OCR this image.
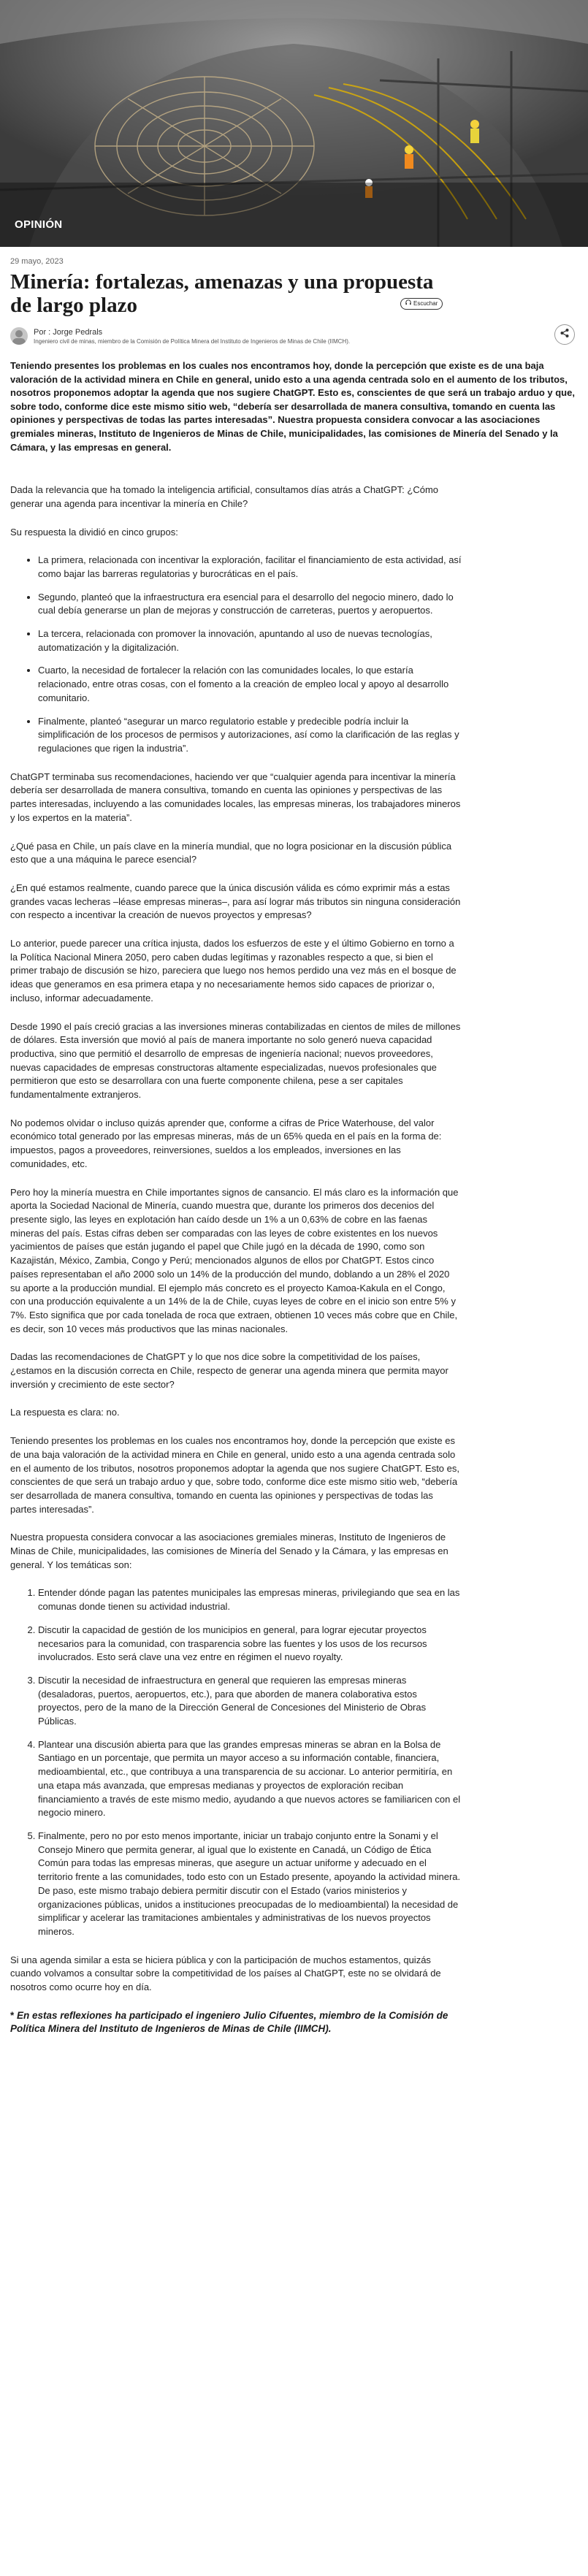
OPINIÓN
29 mayo, 2023
Minería: fortalezas, amenazas y una propuesta de largo plazo	Escuchar
Por : Jorge Pedrals
Ingeniero civil de minas, miembro de la Comisión de Política Minera del Instituto de Ingenieros de Minas de Chile (IIMCH).
Teniendo presentes los problemas en los cuales nos encontramos hoy, donde la percepción que existe es de una baja valoración de la actividad minera en Chile en general, unido esto a una agenda centrada solo en el aumento de los tributos, nosotros proponemos adoptar la agenda que nos sugiere ChatGPT. Esto es, conscientes de que será un trabajo arduo y que, sobre todo, conforme dice este mismo sitio web, “debería ser desarrollada de manera consultiva, tomando en cuenta las opiniones y perspectivas de todas las partes interesadas”. Nuestra propuesta considera convocar a las asociaciones gremiales mineras, Instituto de Ingenieros de Minas de Chile, municipalidades, las comisiones de Minería del Senado y la Cámara, y las empresas en general.

Dada la relevancia que ha tomado la inteligencia artificial, consultamos días atrás a ChatGPT: ¿Cómo generar una agenda para incentivar la minería en Chile?

Su respuesta la dividió en cinco grupos:

• La primera, relacionada con incentivar la exploración, facilitar el financiamiento de esta actividad, así como bajar las barreras regulatorias y burocráticas en el país.
• Segundo, planteó que la infraestructura era esencial para el desarrollo del negocio minero, dado lo cual debía generarse un plan de mejoras y construcción de carreteras, puertos y aeropuertos.
• La tercera, relacionada con promover la innovación, apuntando al uso de nuevas tecnologías, automatización y la digitalización.
• Cuarto, la necesidad de fortalecer la relación con las comunidades locales, lo que estaría relacionado, entre otras cosas, con el fomento a la creación de empleo local y apoyo al desarrollo comunitario.
• Finalmente, planteó “asegurar un marco regulatorio estable y predecible podría incluir la simplificación de los procesos de permisos y autorizaciones, así como la clarificación de las reglas y regulaciones que rigen la industria”.

ChatGPT terminaba sus recomendaciones, haciendo ver que “cualquier agenda para incentivar la minería debería ser desarrollada de manera consultiva, tomando en cuenta las opiniones y perspectivas de las partes interesadas, incluyendo a las comunidades locales, las empresas mineras, los trabajadores mineros y los expertos en la materia”.

¿Qué pasa en Chile, un país clave en la minería mundial, que no logra posicionar en la discusión pública esto que a una máquina le parece esencial?

¿En qué estamos realmente, cuando parece que la única discusión válida es cómo exprimir más a estas grandes vacas lecheras –léase empresas mineras–, para así lograr más tributos sin ninguna consideración con respecto a incentivar la creación de nuevos proyectos y empresas?

Lo anterior, puede parecer una crítica injusta, dados los esfuerzos de este y el último Gobierno en torno a la Política Nacional Minera 2050, pero caben dudas legítimas y razonables respecto a que, si bien el primer trabajo de discusión se hizo, pareciera que luego nos hemos perdido una vez más en el bosque de ideas que generamos en esa primera etapa y no necesariamente hemos sido capaces de priorizar o, incluso, informar adecuadamente.

Desde 1990 el país creció gracias a las inversiones mineras contabilizadas en cientos de miles de millones de dólares. Esta inversión que movió al país de manera importante no solo generó nueva capacidad productiva, sino que permitió el desarrollo de empresas de ingeniería nacional; nuevos proveedores, nuevas capacidades de empresas constructoras altamente especializadas, nuevos profesionales que permitieron que esto se desarrollara con una fuerte componente chilena, pese a ser capitales fundamentalmente extranjeros.

No podemos olvidar o incluso quizás aprender que, conforme a cifras de Price Waterhouse, del valor económico total generado por las empresas mineras, más de un 65% queda en el país en la forma de: impuestos, pagos a proveedores, reinversiones, sueldos a los empleados, inversiones en las comunidades, etc.

Pero hoy la minería muestra en Chile importantes signos de cansancio. El más claro es la información que aporta la Sociedad Nacional de Minería, cuando muestra que, durante los primeros dos decenios del presente siglo, las leyes en explotación han caído desde un 1% a un 0,63% de cobre en las faenas mineras del país. Estas cifras deben ser comparadas con las leyes de cobre existentes en los nuevos yacimientos de países que están jugando el papel que Chile jugó en la década de 1990, como son Kazajistán, México, Zambia, Congo y Perú; mencionados algunos de ellos por ChatGPT. Estos cinco países representaban el año 2000 solo un 14% de la producción del mundo, doblando a un 28% el 2020 su aporte a la producción mundial. El ejemplo más concreto es el proyecto Kamoa-Kakula en el Congo, con una producción equivalente a un 14% de la de Chile, cuyas leyes de cobre en el inicio son entre 5% y 7%. Esto significa que por cada tonelada de roca que extraen, obtienen 10 veces más cobre que en Chile, es decir, son 10 veces más productivos que las minas nacionales.

Dadas las recomendaciones de ChatGPT y lo que nos dice sobre la competitividad de los países, ¿estamos en la discusión correcta en Chile, respecto de generar una agenda minera que permita mayor inversión y crecimiento de este sector?

La respuesta es clara: no.

Teniendo presentes los problemas en los cuales nos encontramos hoy, donde la percepción que existe es de una baja valoración de la actividad minera en Chile en general, unido esto a una agenda centrada solo en el aumento de los tributos, nosotros proponemos adoptar la agenda que nos sugiere ChatGPT. Esto es, conscientes de que será un trabajo arduo y que, sobre todo, conforme dice este mismo sitio web, “debería ser desarrollada de manera consultiva, tomando en cuenta las opiniones y perspectivas de todas las partes interesadas”.

Nuestra propuesta considera convocar a las asociaciones gremiales mineras, Instituto de Ingenieros de Minas de Chile, municipalidades, las comisiones de Minería del Senado y la Cámara, y las empresas en general. Y los temáticas son:

1. Entender dónde pagan las patentes municipales las empresas mineras, privilegiando que sea en las comunas donde tienen su actividad industrial.
2. Discutir la capacidad de gestión de los municipios en general, para lograr ejecutar proyectos necesarios para la comunidad, con trasparencia sobre las fuentes y los usos de los recursos involucrados. Esto será clave una vez entre en régimen el nuevo royalty.
3. Discutir la necesidad de infraestructura en general que requieren las empresas mineras (desaladoras, puertos, aeropuertos, etc.), para que aborden de manera colaborativa estos proyectos, pero de la mano de la Dirección General de Concesiones del Ministerio de Obras Públicas.
4. Plantear una discusión abierta para que las grandes empresas mineras se abran en la Bolsa de Santiago en un porcentaje, que permita un mayor acceso a su información contable, financiera, medioambiental, etc., que contribuya a una transparencia de su accionar. Lo anterior permitiría, en una etapa más avanzada, que empresas medianas y proyectos de exploración reciban financiamiento a través de este mismo medio, ayudando a que nuevos actores se familiaricen con el negocio minero.
5. Finalmente, pero no por esto menos importante, iniciar un trabajo conjunto entre la Sonami y el Consejo Minero que permita generar, al igual que lo existente en Canadá, un Código de Ética Común para todas las empresas mineras, que asegure un actuar uniforme y adecuado en el territorio frente a las comunidades, todo esto con un Estado presente, apoyando la actividad minera. De paso, este mismo trabajo debiera permitir discutir con el Estado (varios ministerios y organizaciones públicas, unidos a instituciones preocupadas de lo medioambiental) la necesidad de simplificar y acelerar las tramitaciones ambientales y administrativas de los nuevos proyectos mineros.

Si una agenda similar a esta se hiciera pública y con la participación de muchos estamentos, quizás cuando volvamos a consultar sobre la competitividad de los países al ChatGPT, este no se olvidará de nosotros como ocurre hoy en día.

* En estas reflexiones ha participado el ingeniero Julio Cifuentes, miembro de la Comisión de Política Minera del Instituto de Ingenieros de Minas de Chile (IIMCH).
